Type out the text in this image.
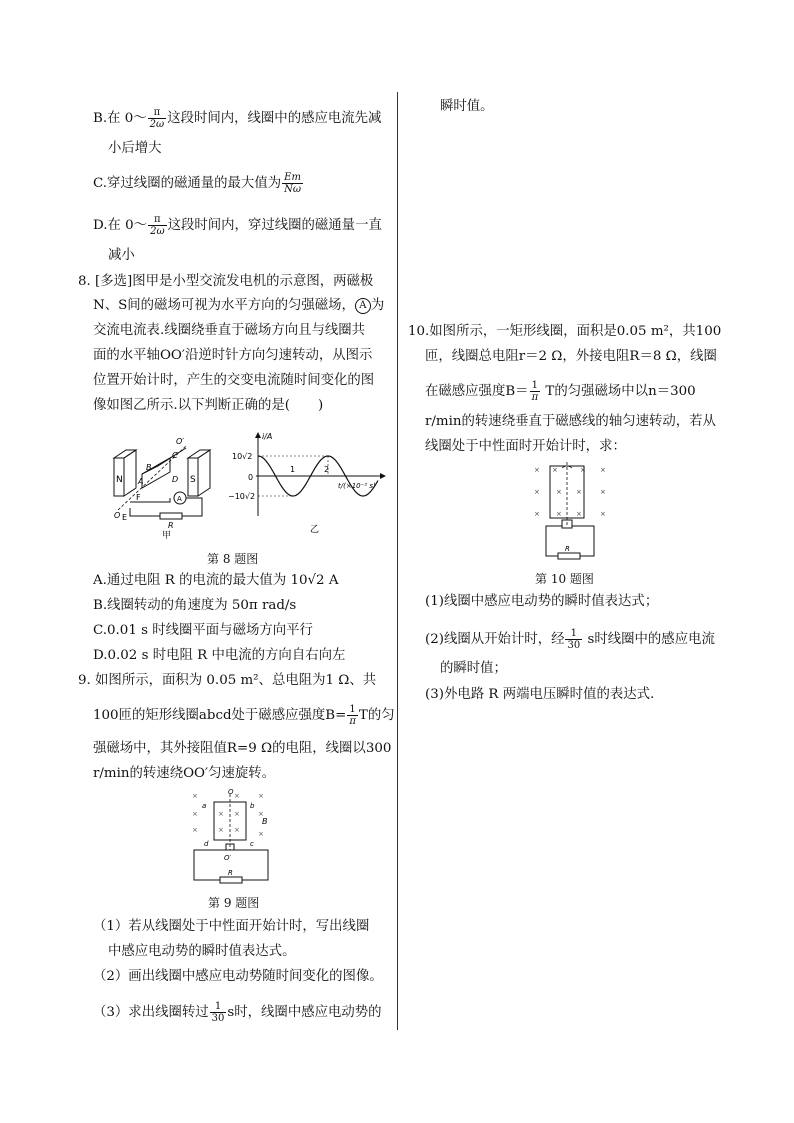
B.在 0～ $\frac{\pi}{2\omega}$ 这段时间内，线圈中的感应电流先减
小后增大
C.穿过线圈的磁通量的最大值为 $\frac{Em}{N\omega}$
D.在 0～ $\frac{\pi}{2\omega}$ 这段时间内，穿过线圈的磁通量一直
减小
8. [多选]图甲是小型交流发电机的示意图，两磁极
N、S间的磁场可视为水平方向的匀强磁场， A 为
交流电流表.线圈绕垂直于磁场方向且与线圈共
面的水平轴OO′沿逆时针方向匀速转动，从图示
位置开始计时，产生的交变电流随时间变化的图
像如图乙所示.以下判断正确的是( )
N	S
B
C
A	D
O′
O
A
F
E
R
甲
i/A
t/(×10⁻² s)
10√2
0
−10√2
1	2
乙
第 8 题图
A.通过电阻 R 的电流的最大值为 10√2 A
B.线圈转动的角速度为 50π rad/s
C.0.01 s 时线圈平面与磁场方向平行
D.0.02 s 时电阻 R 中电流的方向自右向左
9. 如图所示，面积为 0.05 m²、总电阻为1 Ω、共
100匝的矩形线圈abcd处于磁感应强度$B= \frac{1}{\pi}$ T的匀
强磁场中，其外接阻值R=9 Ω的电阻，线圈以300
r/min的转速绕OO′匀速旋转。
a	b
c
d
O
O′
B
×	×	×
×	× ×	×
×	× ×	×
R
第 9 题图
（1）若从线圈处于中性面开始计时，写出线圈
中感应电动势的瞬时值表达式。
（2）画出线圈中感应电动势随时间变化的图像。
（3）求出线圈转过 $\frac{1}{30}$ s时，线圈中感应电动势的
瞬时值。
10.如图所示，一矩形线圈，面积是0.05 m²，共100
匝，线圈总电阻r＝2 Ω，外接电阻R＝8 Ω，线圈
在磁感应强度$B= \frac{1}{\pi}$ T的匀强磁场中以n＝300
r/min的转速绕垂直于磁感线的轴匀速转动，若从
线圈处于中性面时开始计时，求：
× ×	× ×
× × ×	×
× × ×	×
R
第 10 题图
(1)线圈中感应电动势的瞬时值表达式；
(2)线圈从开始计时，经 $\frac{1}{30}$ s时线圈中的感应电流
的瞬时值；
(3)外电路 R 两端电压瞬时值的表达式.
